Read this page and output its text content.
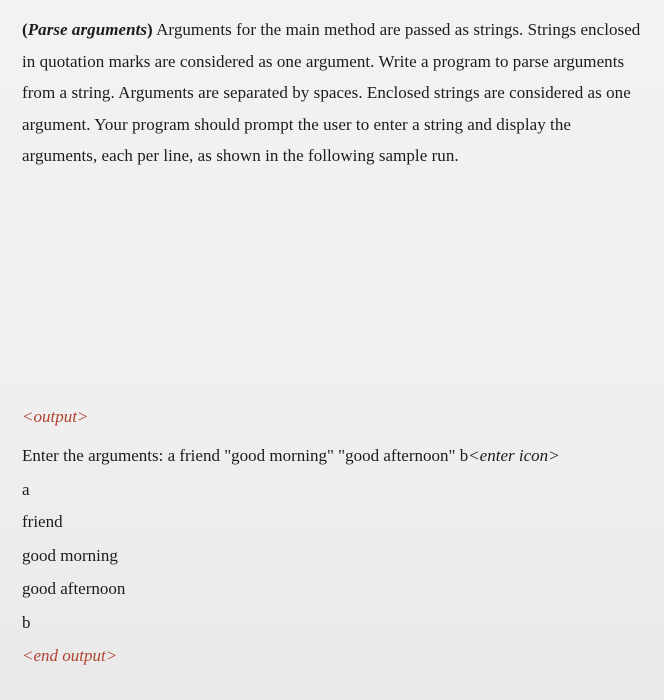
(Parse arguments) Arguments for the main method are passed as strings. Strings enclosed in quotation marks are considered as one argument. Write a program to parse arguments from a string. Arguments are separated by spaces. Enclosed strings are considered as one argument. Your program should prompt the user to enter a string and display the arguments, each per line, as shown in the following sample run.
<output>
Enter the arguments: a friend "good morning" "good afternoon" b<enter icon>
a
friend
good morning
good afternoon
b
<end output>
